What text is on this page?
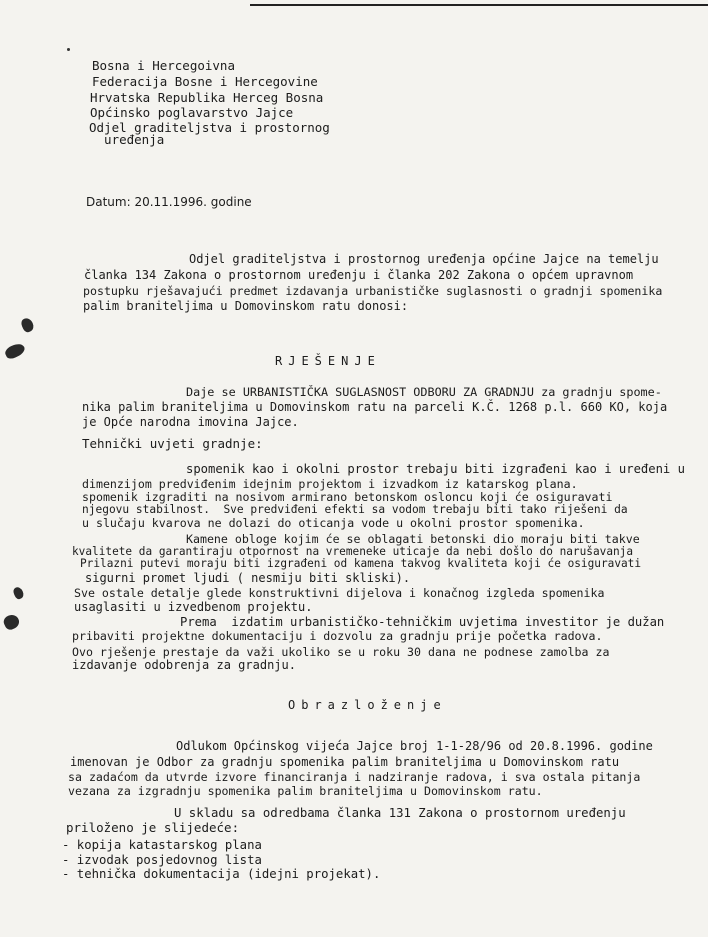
Bosna i Hercegoivna
Federacija Bosne i Hercegovine
Hrvatska Republika Herceg Bosna
Općinsko poglavarstvo Jajce
Odjel graditeljstva i prostornog
uređenja
Datum: 20.11.1996. godine
Odjel graditeljstva i prostornog uređenja općine Jajce na temelju
članka 134 Zakona o prostornom uređenju i članka 202 Zakona o općem upravnom
postupku rješavajući predmet izdavanja urbanističke suglasnosti o gradnji spomenika
palim braniteljima u Domovinskom ratu donosi:
RJEŠENJE
Daje se URBANISTIČKA SUGLASNOST ODBORU ZA GRADNJU za gradnju spome-
nika palim braniteljima u Domovinskom ratu na parceli K.Č. 1268 p.l. 660 KO, koja
je Opće narodna imovina Jajce.
Tehnički uvjeti gradnje:
spomenik kao i okolni prostor trebaju biti izgrađeni kao i uređeni u
dimenzijom predviđenim idejnim projektom i izvadkom iz katarskog plana.
spomenik izgraditi na nosivom armirano betonskom osloncu koji će osiguravati
njegovu stabilnost.  Sve predviđeni efekti sa vodom trebaju biti tako riješeni da
u slučaju kvarova ne dolazi do oticanja vode u okolni prostor spomenika.
Kamene obloge kojim će se oblagati betonski dio moraju biti takve
kvalitete da garantiraju otpornost na vremeneke uticaje da nebi došlo do narušavanja
Prilazni putevi moraju biti izgrađeni od kamena takvog kvaliteta koji će osiguravati
sigurni promet ljudi ( nesmiju biti skliski).
Sve ostale detalje glede konstruktivni dijelova i konačnog izgleda spomenika
usaglasiti u izvedbenom projektu.
Prema  izdatim urbanističko-tehničkim uvjetima investitor je dužan
pribaviti projektne dokumentaciju i dozvolu za gradnju prije početka radova.
Ovo rješenje prestaje da važi ukoliko se u roku 30 dana ne podnese zamolba za
izdavanje odobrenja za gradnju.
Obrazloženje
Odlukom Općinskog vijeća Jajce broj 1-1-28/96 od 20.8.1996. godine
imenovan je Odbor za gradnju spomenika palim braniteljima u Domovinskom ratu
sa zadaćom da utvrde izvore financiranja i nadziranje radova, i sva ostala pitanja
vezana za izgradnju spomenika palim braniteljima u Domovinskom ratu.
U skladu sa odredbama članka 131 Zakona o prostornom uređenju
priloženo je slijedeće:
- kopija katastarskog plana
- izvodak posjedovnog lista
- tehnička dokumentacija (idejni projekat).
